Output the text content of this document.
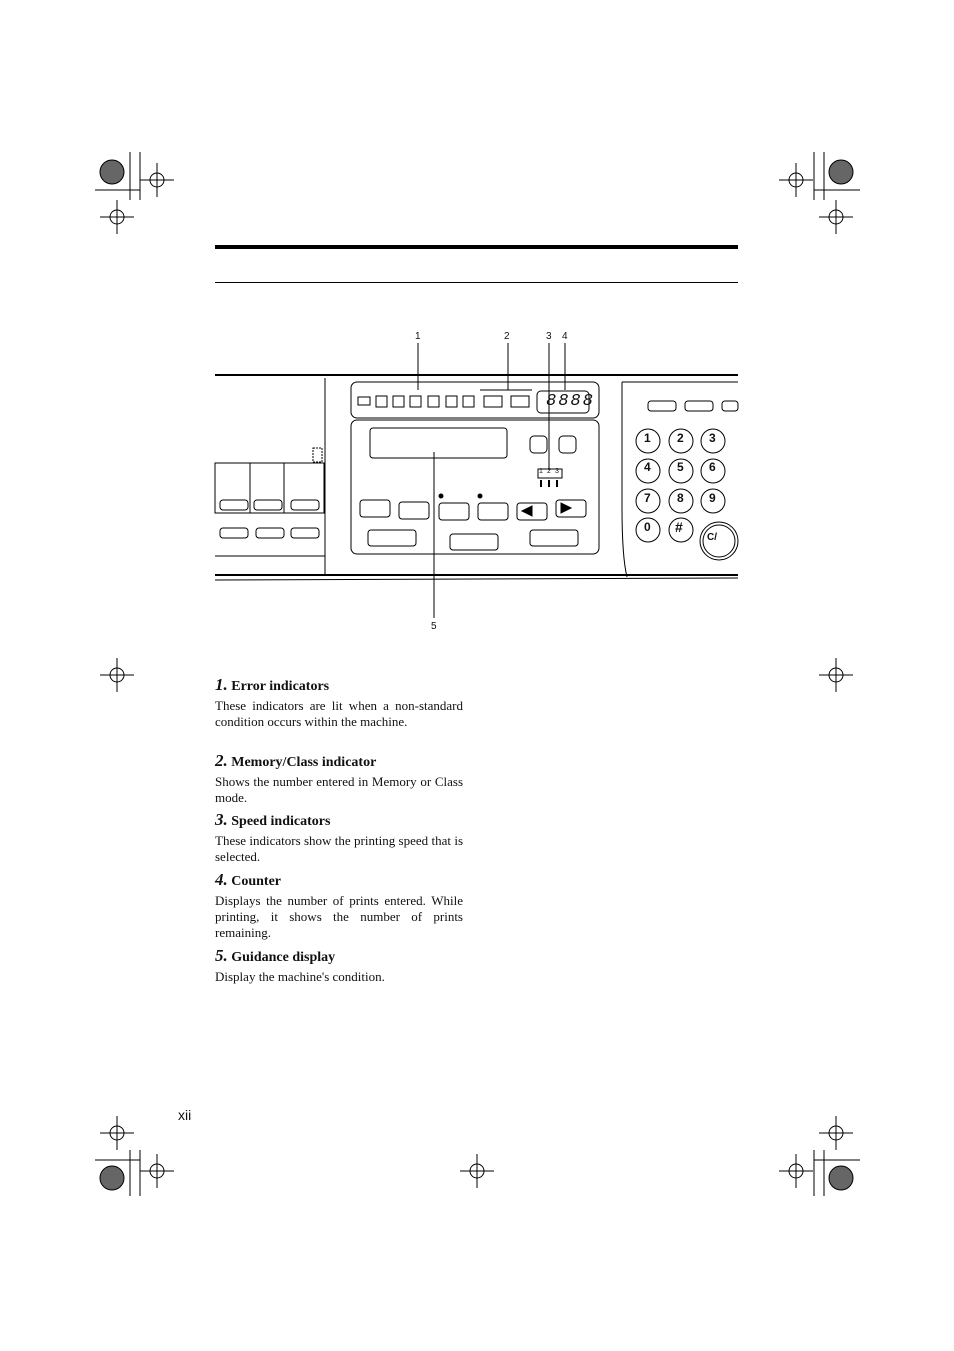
1	2	3 4
5
8888
1 2 3
1 2 3
4 5 6
7 8 9
0 #
C/
1. Error indicators
These indicators are lit when a non-standard condition occurs within the machine.
2. Memory/Class indicator
Shows the number entered in Memory or Class mode.
3. Speed indicators
These indicators show the printing speed that is selected.
4. Counter
Displays the number of prints entered. While printing, it shows the number of prints remaining.
5. Guidance display
Display the machine's condition.
xii
